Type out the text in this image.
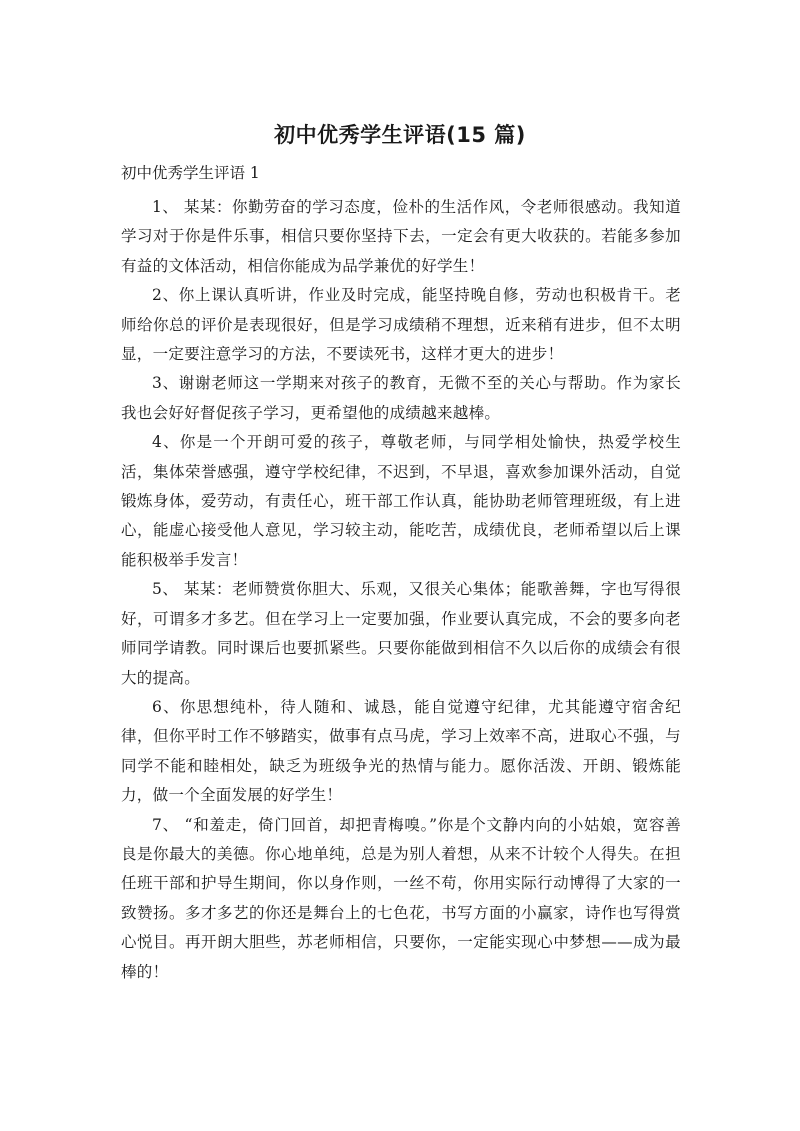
初中优秀学生评语(15 篇)
初中优秀学生评语 1

1、 某某：你勤劳奋的学习态度，俭朴的生活作风，令老师很感动。我知道学习对于你是件乐事，相信只要你坚持下去，一定会有更大收获的。若能多参加有益的文体活动，相信你能成为品学兼优的好学生！

2、你上课认真听讲，作业及时完成，能坚持晚自修，劳动也积极肯干。老师给你总的评价是表现很好，但是学习成绩稍不理想，近来稍有进步，但不太明显，一定要注意学习的方法，不要读死书，这样才更大的进步！

3、谢谢老师这一学期来对孩子的教育，无微不至的关心与帮助。作为家长我也会好好督促孩子学习，更希望他的成绩越来越棒。

4、你是一个开朗可爱的孩子，尊敬老师，与同学相处愉快，热爱学校生活，集体荣誉感强，遵守学校纪律，不迟到，不早退，喜欢参加课外活动，自觉锻炼身体，爱劳动，有责任心，班干部工作认真，能协助老师管理班级，有上进心，能虚心接受他人意见，学习较主动，能吃苦，成绩优良，老师希望以后上课能积极举手发言！

5、 某某：老师赞赏你胆大、乐观，又很关心集体；能歌善舞，字也写得很好，可谓多才多艺。但在学习上一定要加强，作业要认真完成，不会的要多向老师同学请教。同时课后也要抓紧些。只要你能做到相信不久以后你的成绩会有很大的提高。

6、你思想纯朴，待人随和、诚恳，能自觉遵守纪律，尤其能遵守宿舍纪律，但你平时工作不够踏实，做事有点马虎，学习上效率不高，进取心不强，与同学不能和睦相处，缺乏为班级争光的热情与能力。愿你活泼、开朗、锻炼能力，做一个全面发展的好学生！

7、 “和羞走，倚门回首，却把青梅嗅。”你是个文静内向的小姑娘，宽容善良是你最大的美德。你心地单纯，总是为别人着想，从来不计较个人得失。在担任班干部和护导生期间，你以身作则，一丝不苟，你用实际行动博得了大家的一致赞扬。多才多艺的你还是舞台上的七色花，书写方面的小赢家，诗作也写得赏心悦目。再开朗大胆些，苏老师相信，只要你，一定能实现心中梦想——成为最棒的！
